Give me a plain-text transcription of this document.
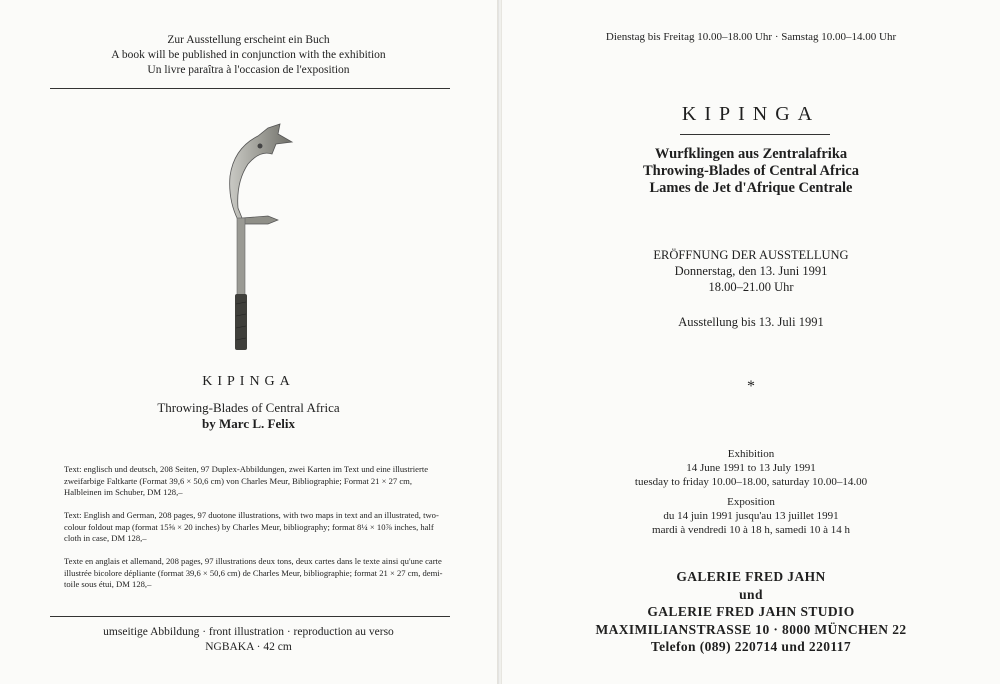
Zur Ausstellung erscheint ein Buch
A book will be published in conjunction with the exhibition
Un livre paraîtra à l'occasion de l'exposition
KIPINGA
Throwing-Blades of Central Africa
by Marc L. Felix

Text: englisch und deutsch, 208 Seiten, 97 Duplex-Abbildungen, zwei Karten im Text und eine illustrierte zweifarbige Faltkarte (Format 39,6 × 50,6 cm) von Charles Meur, Bibliographie; Format 21 × 27 cm, Halbleinen im Schuber, DM 128,–

Text: English and German, 208 pages, 97 duotone illustrations, with two maps in text and an illustrated, two-colour foldout map (format 15⅝ × 20 inches) by Charles Meur, bibliography; format 8¼ × 10⅞ inches, half cloth in case, DM 128,–

Texte en anglais et allemand, 208 pages, 97 illustrations deux tons, deux cartes dans le texte ainsi qu'une carte illustrée bicolore dépliante (format 39,6 × 50,6 cm) de Charles Meur, bibliographie; format 21 × 27 cm, demi-toile sous étui, DM 128,–

umseitige Abbildung · front illustration · reproduction au verso
NGBAKA · 42 cm
Dienstag bis Freitag 10.00–18.00 Uhr · Samstag 10.00–14.00 Uhr
KIPINGA
Wurfklingen aus Zentralafrika
Throwing-Blades of Central Africa
Lames de Jet d'Afrique Centrale
ERÖFFNUNG DER AUSSTELLUNG
Donnerstag, den 13. Juni 1991
18.00–21.00 Uhr
Ausstellung bis 13. Juli 1991
*
Exhibition
14 June 1991 to 13 July 1991
tuesday to friday 10.00–18.00, saturday 10.00–14.00
Exposition
du 14 juin 1991 jusqu'au 13 juillet 1991
mardi à vendredi 10 à 18 h, samedi 10 à 14 h
GALERIE FRED JAHN
und
GALERIE FRED JAHN STUDIO
MAXIMILIANSTRASSE 10 · 8000 MÜNCHEN 22
Telefon (089) 220714 und 220117
